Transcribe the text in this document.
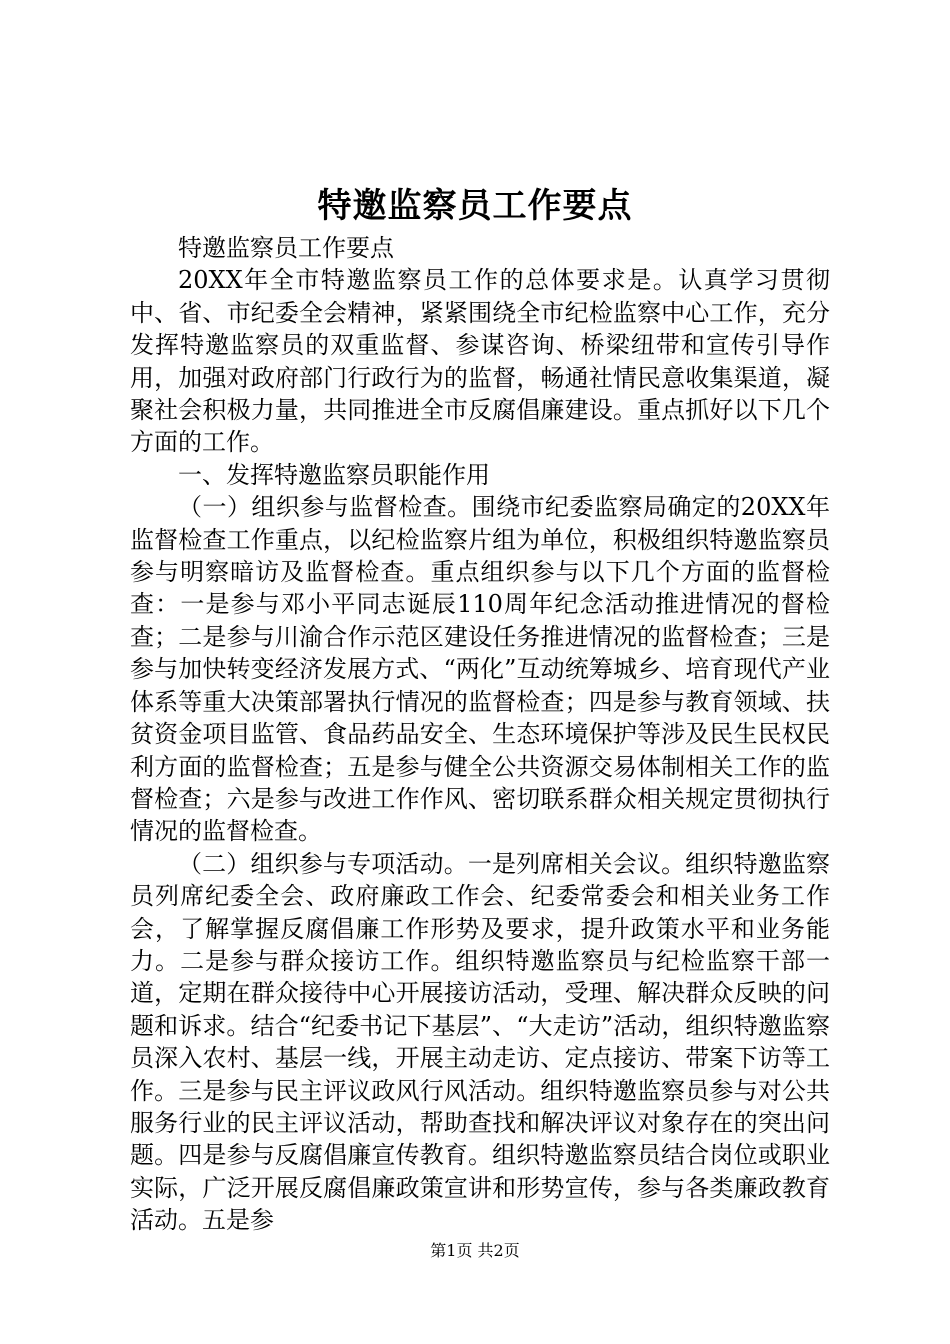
特邀监察员工作要点

特邀监察员工作要点

20XX年全市特邀监察员工作的总体要求是。认真学习贯彻中、省、市纪委全会精神，紧紧围绕全市纪检监察中心工作，充分发挥特邀监察员的双重监督、参谋咨询、桥梁纽带和宣传引导作用，加强对政府部门行政行为的监督，畅通社情民意收集渠道，凝聚社会积极力量，共同推进全市反腐倡廉建设。重点抓好以下几个方面的工作。

一、发挥特邀监察员职能作用

（一）组织参与监督检查。围绕市纪委监察局确定的20XX年监督检查工作重点，以纪检监察片组为单位，积极组织特邀监察员参与明察暗访及监督检查。重点组织参与以下几个方面的监督检查：一是参与邓小平同志诞辰110周年纪念活动推进情况的督检查；二是参与川渝合作示范区建设任务推进情况的监督检查；三是参与加快转变经济发展方式、“两化”互动统筹城乡、培育现代产业体系等重大决策部署执行情况的监督检查；四是参与教育领域、扶贫资金项目监管、食品药品安全、生态环境保护等涉及民生民权民利方面的监督检查；五是参与健全公共资源交易体制相关工作的监督检查；六是参与改进工作作风、密切联系群众相关规定贯彻执行情况的监督检查。

（二）组织参与专项活动。一是列席相关会议。组织特邀监察员列席纪委全会、政府廉政工作会、纪委常委会和相关业务工作会，了解掌握反腐倡廉工作形势及要求，提升政策水平和业务能力。二是参与群众接访工作。组织特邀监察员与纪检监察干部一道，定期在群众接待中心开展接访活动，受理、解决群众反映的问题和诉求。结合“纪委书记下基层”、“大走访”活动，组织特邀监察员深入农村、基层一线，开展主动走访、定点接访、带案下访等工作。三是参与民主评议政风行风活动。组织特邀监察员参与对公共服务行业的民主评议活动，帮助查找和解决评议对象存在的突出问题。四是参与反腐倡廉宣传教育。组织特邀监察员结合岗位或职业实际，广泛开展反腐倡廉政策宣讲和形势宣传，参与各类廉政教育活动。五是参

第1页 共2页
